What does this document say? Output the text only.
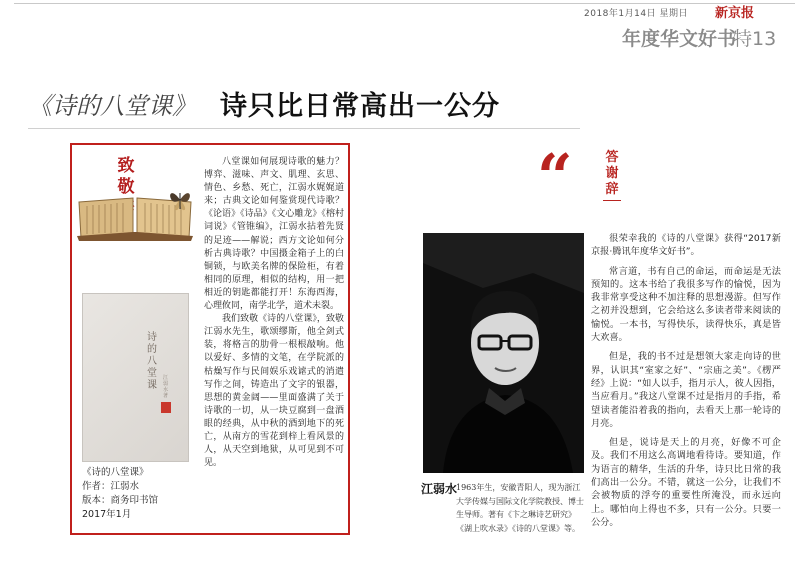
2018年1月14日 星期日 新京报
年度华文好书
特13
《诗的八堂课》 诗只比日常高出一公分
致敬
诗的八堂课
江弱水 著
《诗的八堂课》
作者：江弱水
版本：商务印书馆
2017年1月

八堂课如何展现诗歌的魅力？博弈、滋味、声文、肌理、玄思、情色、乡愁、死亡，江弱水娓娓道来；古典文论如何鉴赏现代诗歌？《论语》《诗品》《文心雕龙》《榕村词说》《管锥编》，江弱水拈着先贤的足迹——解说；西方文论如何分析古典诗歌？中国摄金箱子上的白铜锁，与欧美名牌的保险柜，有着相同的原理，相似的结构，用一把相近的钥匙都能打开！东海西海，心理攸同，南学北学，道术未裂。

我们致敬《诗的八堂课》，致敬江弱水先生，歌颂缪斯，他全剑式装，将格言的肋骨一根根敲响。他以爱好、多情的文笔，在学院派的枯燥写作与民间娱乐戏谑式的消遣写作之间，铸造出了文字的银器，思想的黄金阔——里面盛满了关于诗歌的一切，从一块豆腐到一盘酒眼的经典，从中秋的酒到地下的死亡，从南方的雪花到梓上看风景的人，从天空到地狱，从可见到不可见。

“	答谢辞
江弱水
1963年生，安徽青阳人，现为浙江大学传媒与国际文化学院教授、博士生导师。著有《卞之琳诗艺研究》《湖上吹水录》《诗的八堂课》等。

很荣幸我的《诗的八堂课》获得“2017新京报·腾讯年度华文好书”。

常言道，书有自己的命运，而命运是无法预知的。这本书给了我很多写作的愉悦，因为我非常享受这种不加注释的思想漫游。但写作之初并没想到，它会给这么多读者带来阅读的愉悦。一本书，写得快乐，读得快乐，真是皆大欢喜。

但是，我的书不过是想领大家走向诗的世界，认识其“室家之好”、“宗庙之美”。《楞严经》上说：“如人以手，指月示人，彼人因指，当应看月。”我这八堂课不过是指月的手指，希望读者能沿着我的指向，去看天上那一轮诗的月亮。

但是，说诗是天上的月亮，好像不可企及。我们不用这么高调地看待诗。要知道，作为语言的精华，生活的升华，诗只比日常的我们高出一公分。不错，就这一公分，让我们不会被物质的浮夸的重要性所淹没，而永远向上。哪怕向上得也不多，只有一公分。只要一公分。
